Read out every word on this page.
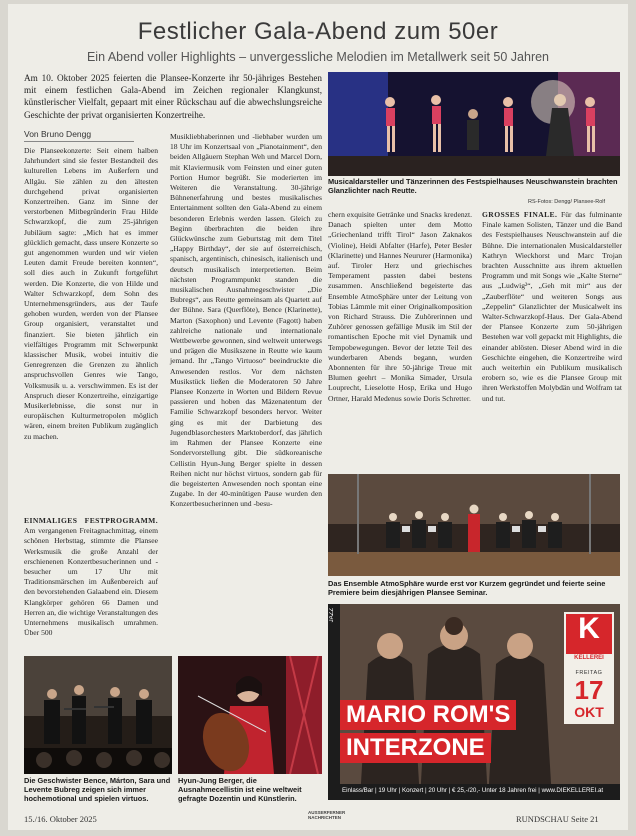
Festlicher Gala-Abend zum 50er
Ein Abend voller Highlights – unvergessliche Melodien im Metallwerk seit 50 Jahren
Am 10. Oktober 2025 feierten die Plansee-Konzerte ihr 50-jähriges Bestehen mit einem festlichen Gala-Abend im Zeichen regionaler Klangkunst, künstlerischer Vielfalt, gepaart mit einer Rückschau auf die abwechslungsreiche Geschichte der privat organisierten Konzertreihe.
Von Bruno Dengg
Die Planseekonzerte: Seit einem halben Jahrhundert sind sie fester Bestandteil des kulturellen Lebens im Außerfern und Allgäu. Sie zählen zu den ältesten durchgehend privat organisierten Konzertreihen. Ganz im Sinne der verstorbenen Mitbegründerin Frau Hilde Schwarzkopf, die zum 25-jährigen Jubiläum sagte: „Mich hat es immer glücklich gemacht, dass unsere Konzerte so gut angenommen wurden und wir vielen Leuten damit Freude bereiten konnten“, soll dies auch in Zukunft fortgeführt werden. Die Konzerte, die von Hilde und Walter Schwarzkopf, dem Sohn des Unternehmensgründers, aus der Taufe gehoben wurden, werden von der Plansee Group organisiert, veranstaltet und finanziert. Sie bieten jährlich ein vielfältiges Programm mit Schwerpunkt klassischer Musik, wobei intuitiv die Genregrenzen die Grenzen zu ähnlich anspruchsvollen Genres wie Tango, Volksmusik u. a. verschwimmen. Es ist der Anspruch dieser Konzertreihe, einzigartige Musikerlebnisse, die sonst nur in europäischen Kulturmetropolen möglich wären, einem breiten Publikum zugänglich zu machen.
EINMALIGES FESTPROGRAMM. Am vergangenen Freitagnachmittag, einem schönen Herbsttag, stimmte die Plansee Werksmusik die große Anzahl der erschienenen Konzertbesucherinnen und -besucher um 17 Uhr mit Traditionsmärschen im Außenbereich auf den bevorstehenden Galaabend ein. Diesem Klangkörper gehören 66 Damen und Herren an, die wichtige Veranstaltungen des Unternehmens musikalisch umrahmen. Über 500
Musikliebhaberinnen und -liebhaber wurden um 18 Uhr im Konzertsaal von „Pianotainment“, den beiden Allgäuern Stephan Weh und Marcel Dorn, mit Klaviermusik vom Feinsten und einer guten Portion Humor begrüßt. Sie moderierten im Weiteren die Veranstaltung. 30-jährige Bühnenerfahrung und bestes musikalisches Entertainment sollten den Gala-Abend zu einem besonderen Erlebnis werden lassen. Gleich zu Beginn überbrachten die beiden ihre Glückwünsche zum Geburtstag mit dem Titel „Happy Birthday“, der sie auf österreichisch, spanisch, argentinisch, chinesisch, italienisch und deutsch musikalisch interpretierten. Beim nächsten Programmpunkt standen die musikalischen Ausnahmegeschwister „Die Bubregs“, aus Reutte gemeinsam als Quartett auf der Bühne. Sara (Querflöte), Bence (Klarinette), Marton (Saxophon) und Levente (Fagott) haben zahlreiche nationale und internationale Wettbewerbe gewonnen, sind weltweit unterwegs und prägen die Musikszene in Reutte wie kaum jemand. Ihr „Tango Virtuoso“ beeindruckte die Anwesenden restlos. Vor dem nächsten Musikstück ließen die Moderatoren 50 Jahre Plansee Konzerte in Worten und Bildern Revue passieren und hoben das Mäzenatentum der Familie Schwarzkopf besonders hervor. Weiter ging es mit der Darbietung des Jugendblasorchesters Marktoberdorf, das jährlich im Rahmen der Plansee Konzerte eine Sondervorstellung gibt. Die südkoreanische Cellistin Hyun-Jung Berger spielte in dessen Reihen nicht nur höchst virtuos, sondern gab für die begeisterten Anwesenden noch spontan eine Zugabe. In der 40-minütigen Pause wurden den Konzertbesucherinnen und -besu-
Musicaldarsteller und Tänzerinnen des Festspielhauses Neuschwanstein brachten Glanzlichter nach Reutte.
RS-Fotos: Dengg/ Plansee-Rolf
chern exquisite Getränke und Snacks kredenzt. Danach spielten unter dem Motto „Griechenland trifft Tirol“ Jason Zaknakos (Violine), Heidi Abfalter (Harfe), Peter Besler (Klarinette) und Hannes Neururer (Harmonika) auf. Tiroler Herz und griechisches Temperament passten dabei bestens zusammen. Anschließend begeisterte das Ensemble AtmoSphäre unter der Leitung von Tobias Lämmle mit einer Originalkomposition von Richard Strauss. Die Zuhörerinnen und Zuhörer genossen gefällige Musik im Stil der romantischen Epoche mit viel Dynamik und Tempobewegungen. Bevor der letzte Teil des wunderbaren Abends begann, wurden Abonnenten für ihre 50-jährige Treue mit Blumen geehrt – Monika Simader, Ursula Louprecht, Lieselotte Hosp, Erika und Hugo Ortner, Harald Medenus sowie Doris Schretter.
GROSSES FINALE. Für das fulminante Finale kamen Solisten, Tänzer und die Band des Festspielhauses Neuschwanstein auf die Bühne. Die internationalen Musicaldarsteller Kathryn Wieckhorst und Marc Trojan brachten Ausschnitte aus ihrem aktuellen Programm und mit Songs wie „Kalte Sterne“ aus „Ludwig²“, „Geh mit mir“ aus der „Zauberflöte“ und weiteren Songs aus „Zeppelin“ Glanzlichter der Musicalwelt ins Walter-Schwarzkopf-Haus. Der Gala-Abend der Plansee Konzerte zum 50-jährigen Bestehen war voll gepackt mit Highlights, die einander ablösten. Dieser Abend wird in die Geschichte eingehen, die Konzertreihe wird auch weiterhin ein Publikum musikalisch erobern so, wie es die Plansee Group mit ihren Werkstoffen Molybdän und Wolfram tat und tut.
Das Ensemble AtmoSphäre wurde erst vor Kurzem gegründet und feierte seine Premiere beim diesjährigen Plansee Seminar.
JAZZ	K
KELLEREI
FREITAG
17
OKT
MARIO ROM'S
INTERZONE
Einlass/Bar | 19 Uhr | Konzert | 20 Uhr | € 25,-/20,- Unter 18 Jahren frei | www.DIEKELLEREI.at
Die Geschwister Bence, Márton, Sara und Levente Bubreg zeigen sich immer hochemotional und spielen virtuos.
Hyun-Jung Berger, die Ausnahmecellistin ist eine weltweit gefragte Dozentin und Künstlerin.
15./16. Oktober 2025
AUSSERFERNER NACHRICHTEN	RUNDSCHAU Seite 21
